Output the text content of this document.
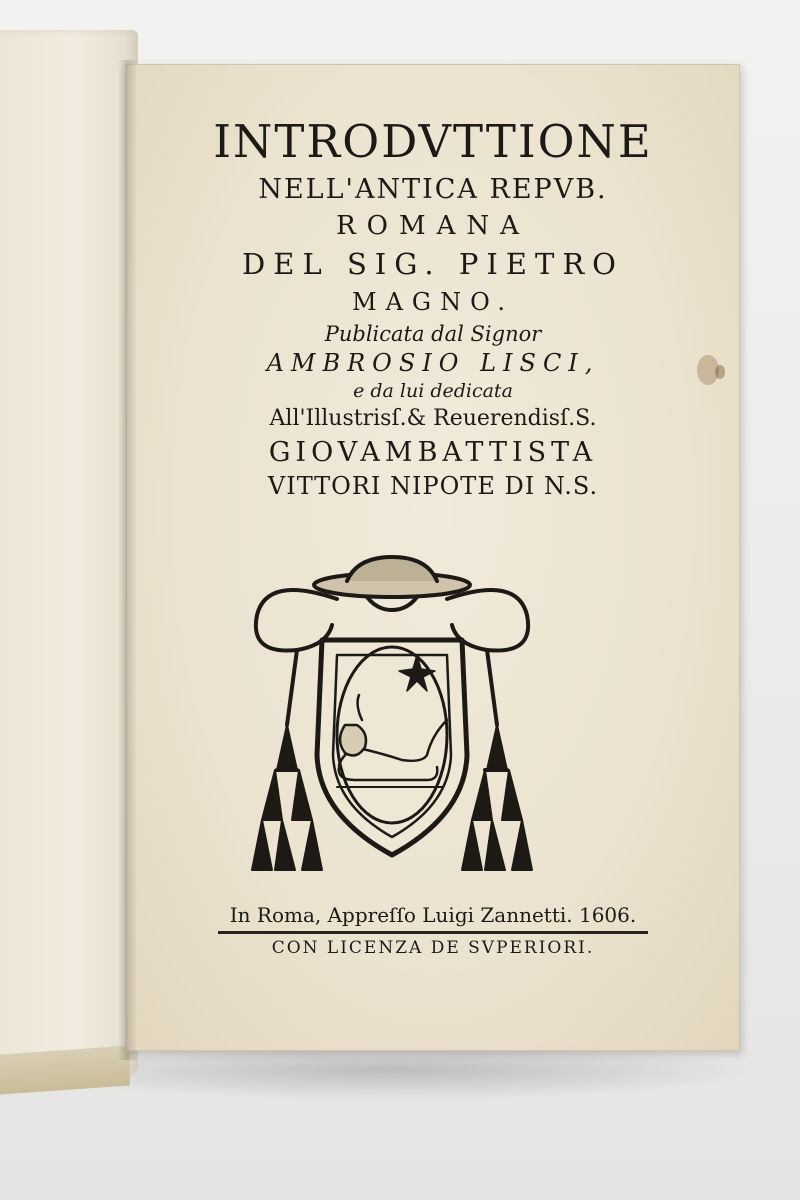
INTRODVTTIONE
NELL'ANTICA REPVB.
ROMANA
DEL SIG. PIETRO
MAGNO.
Publicata dal Signor
AMBROSIO LISCI,
e da lui dedicata
All'Illustrisſ.& Reuerendisſ.S.
GIOVAMBATTISTA
VITTORI NIPOTE DI N.S.
In Roma, Appreſſo Luigi Zannetti. 1606.
CON LICENZA DE SVPERIORI.
